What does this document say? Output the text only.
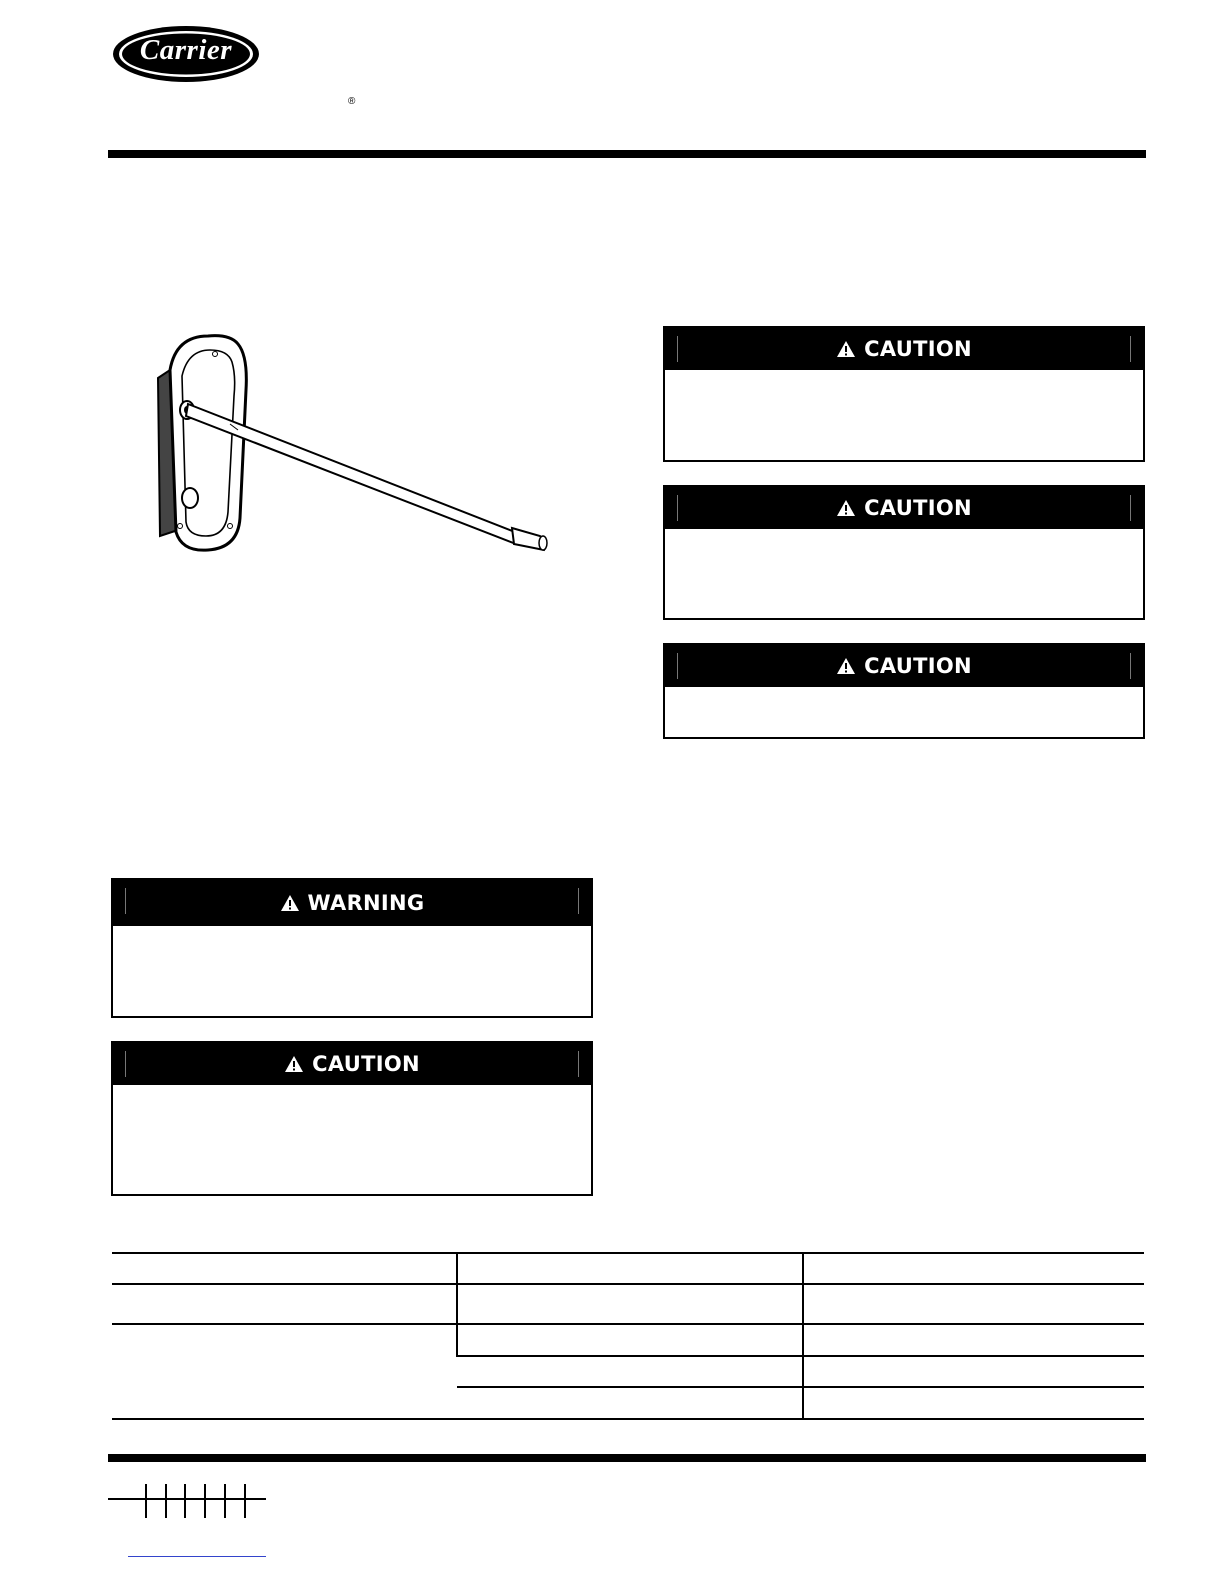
Carrier
®
CAUTION
CAUTION
CAUTION
WARNING
CAUTION
